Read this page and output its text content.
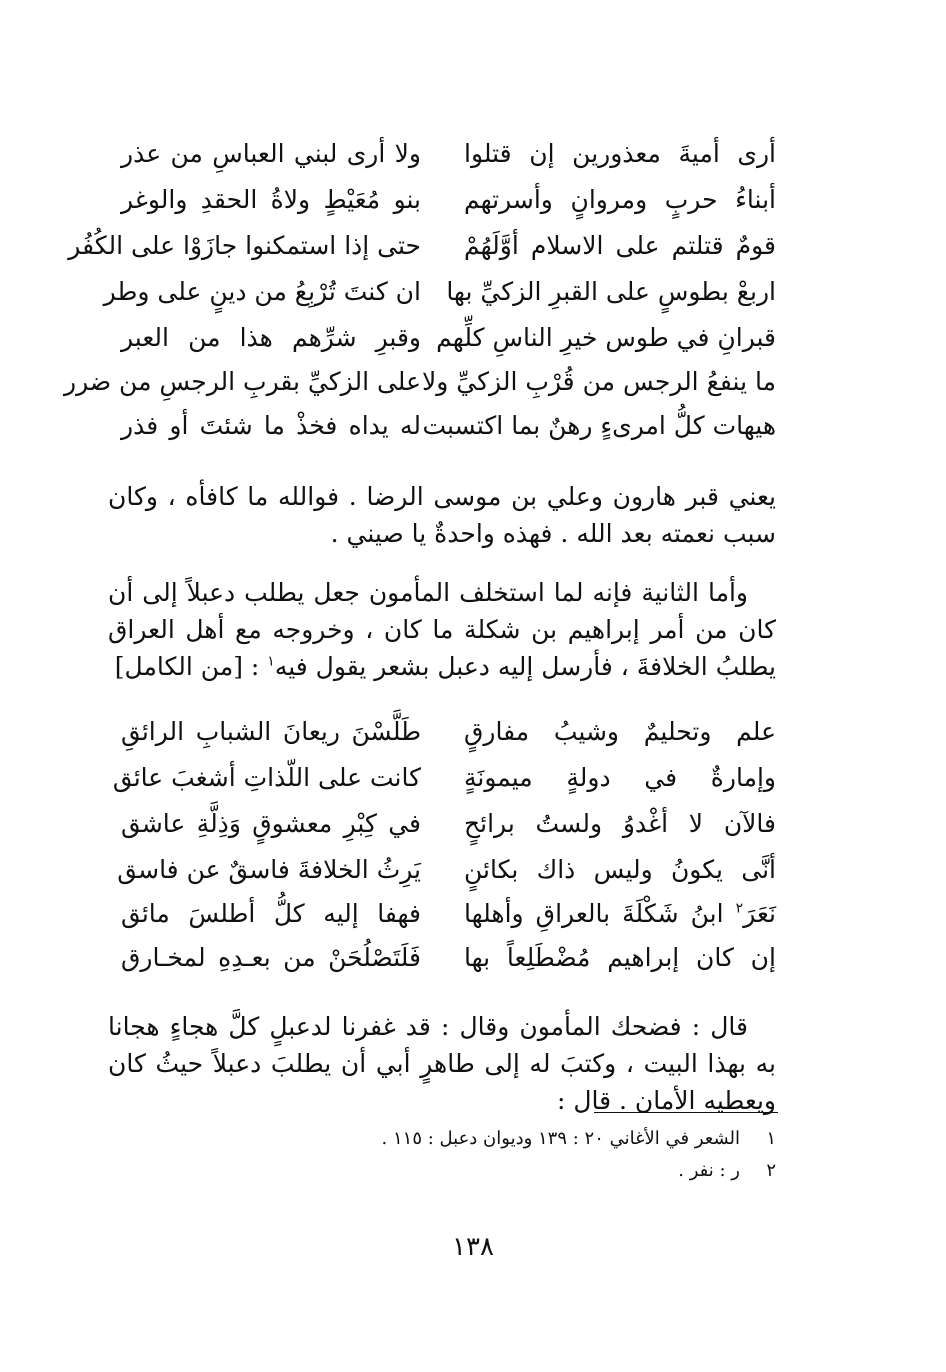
أرى أميةَ معذورين إن قتلوا
ولا أرى لبني العباسِ من عذر
أبناءُ حربٍ ومروانٍ وأسرتهم
بنو مُعَيْطٍ ولاةُ الحقدِ والوغر
قومٌ قتلتم على الاسلام أوَّلَهُمْ
حتى إذا استمكنوا جازَوْا على الكُفُر
اربعْ بطوسٍ على القبرِ الزكيِّ بها
ان كنتَ تُرْبِعُ من دينٍ على وطر
قبرانِ في طوس خيرِ الناسِ كلِّهم
وقبرِ شرِّهم هذا من العبر
ما ينفعُ الرجس من قُرْبِ الزكيِّ ولا
على الزكيِّ بقربِ الرجسِ من ضرر
هيهات كلُّ امرىءٍ رهنٌ بما اكتسبت
له يداه فخذْ ما شئتَ أو فذر

يعني قبر هارون وعلي بن موسى الرضا . فوالله ما كافأه ، وكان سبب نعمته بعد الله . فهذه واحدةٌ يا صيني .

وأما الثانية فإنه لما استخلف المأمون جعل يطلب دعبلاً إلى أن كان من أمر إبراهيم بن شكلة ما كان ، وخروجه مع أهل العراق يطلبُ الخلافةَ ، فأرسل إليه دعبل بشعر يقول فيه$^١$ : [من الكامل]

علم وتحليمٌ وشيبُ مفارقٍ
طَلَّسْنَ ريعانَ الشبابِ الرائقِ
وإمارةٌ في دولةٍ ميمونَةٍ
كانت على اللّذاتِ أشغبَ عائق
فالآن لا أغْدوُ ولستُ برائحٍ
في كِبْرِ معشوقٍ وَذِلَّةِ عاشق
أنَّى يكونُ وليس ذاك بكائنٍ
يَرِثُ الخلافةَ فاسقٌ عن فاسق
نَعَرَ$^٢$ ابنُ شَكْلَةَ بالعراقِ وأهلها
فهفا إليه كلُّ أطلسَ مائق
إن كان إبراهيم مُضْطَلِعاً بها
فَلَتَصْلُحَنْ من بعـدِهِ لمخـارق

قال : فضحك المأمون وقال : قد غفرنا لدعبلٍ كلَّ هجاءٍ هجانا به بهذا البيت ، وكتبَ له إلى طاهرٍ أبي أن يطلبَ دعبلاً حيثُ كان ويعطيه الأمان . قال :

١الشعر في الأغاني ٢٠ : ١٣٩ وديوان دعبل : ١١٥ .
٢ر : نفر .
١٣٨
